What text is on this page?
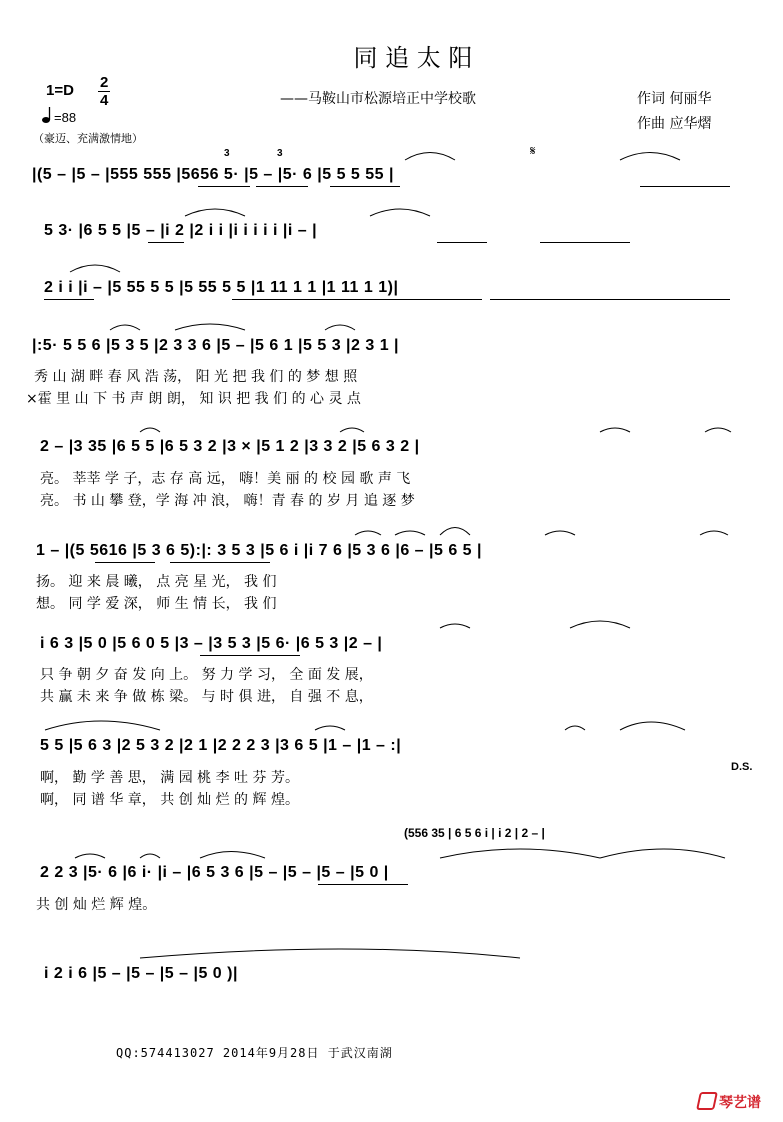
同 追 太 阳
——马鞍山市松源培正中学校歌	作词 何丽华
作曲 应华熠
1=D 2
4
=88
（豪迈、充满激情地）
𝄋
D.S.
3	3
|(5 – |5 – |555 555 |5656 5· |5 – |5· 6 |5 5 5 55 |
5 3· |6 5 5 |5 – |i 2 |2 i i |i i i i i |i – |
2 i i |i – |5 55 5 5 |5 55 5 5 |1 11 1 1 |1 11 1 1)|
|:5· 5 5 6 |5 3 5 |2 3 3 6 |5 – |5 6 1 |5 5 3 |2 3 1 |
秀 山 湖 畔 春 风 浩 荡， 阳 光 把 我 们 的 梦 想 照
×霍 里 山 下 书 声 朗 朗， 知 识 把 我 们 的 心 灵 点
2 – |3 35 |6 5 5 |6 5 3 2 |3 × |5 1 2 |3 3 2 |5 6 3 2 |
亮。 莘莘 学 子，志 存 高 远， 嗨！美 丽 的 校 园 歌 声 飞
亮。 书 山 攀 登，学 海 冲 浪， 嗨！青 春 的 岁 月 追 逐 梦
1 – |(5 5616 |5 3 6 5):|: 3 5 3 |5 6 i |i 7 6 |5 3 6 |6 – |5 6 5 |
扬。 迎 来 晨 曦， 点 亮 星 光， 我 们
想。 同 学 爱 深， 师 生 情 长， 我 们
i 6 3 |5 0 |5 6 0 5 |3 – |3 5 3 |5 6· |6 5 3 |2 – |
只 争 朝 夕 奋 发 向 上。 努 力 学 习， 全 面 发 展，
共 赢 未 来 争 做 栋 梁。 与 时 俱 进， 自 强 不 息，
5 5 |5 6 3 |2 5 3 2 |2 1 |2 2 2 3 |3 6 5 |1 – |1 – :|
啊， 勤 学 善 思， 满 园 桃 李 吐 芬 芳。
啊， 同 谱 华 章， 共 创 灿 烂 的 辉 煌。
(556 35 | 6 5 6 i | i 2 | 2 – |
2 2 3 |5· 6 |6 i· |i – |6 5 3 6 |5 – |5 – |5 – |5 0 |
共 创 灿 烂 辉 煌。
i 2 i 6 |5 – |5 – |5 – |5 0 )|
QQ:574413027 2014年9月28日 于武汉南湖
琴艺谱
